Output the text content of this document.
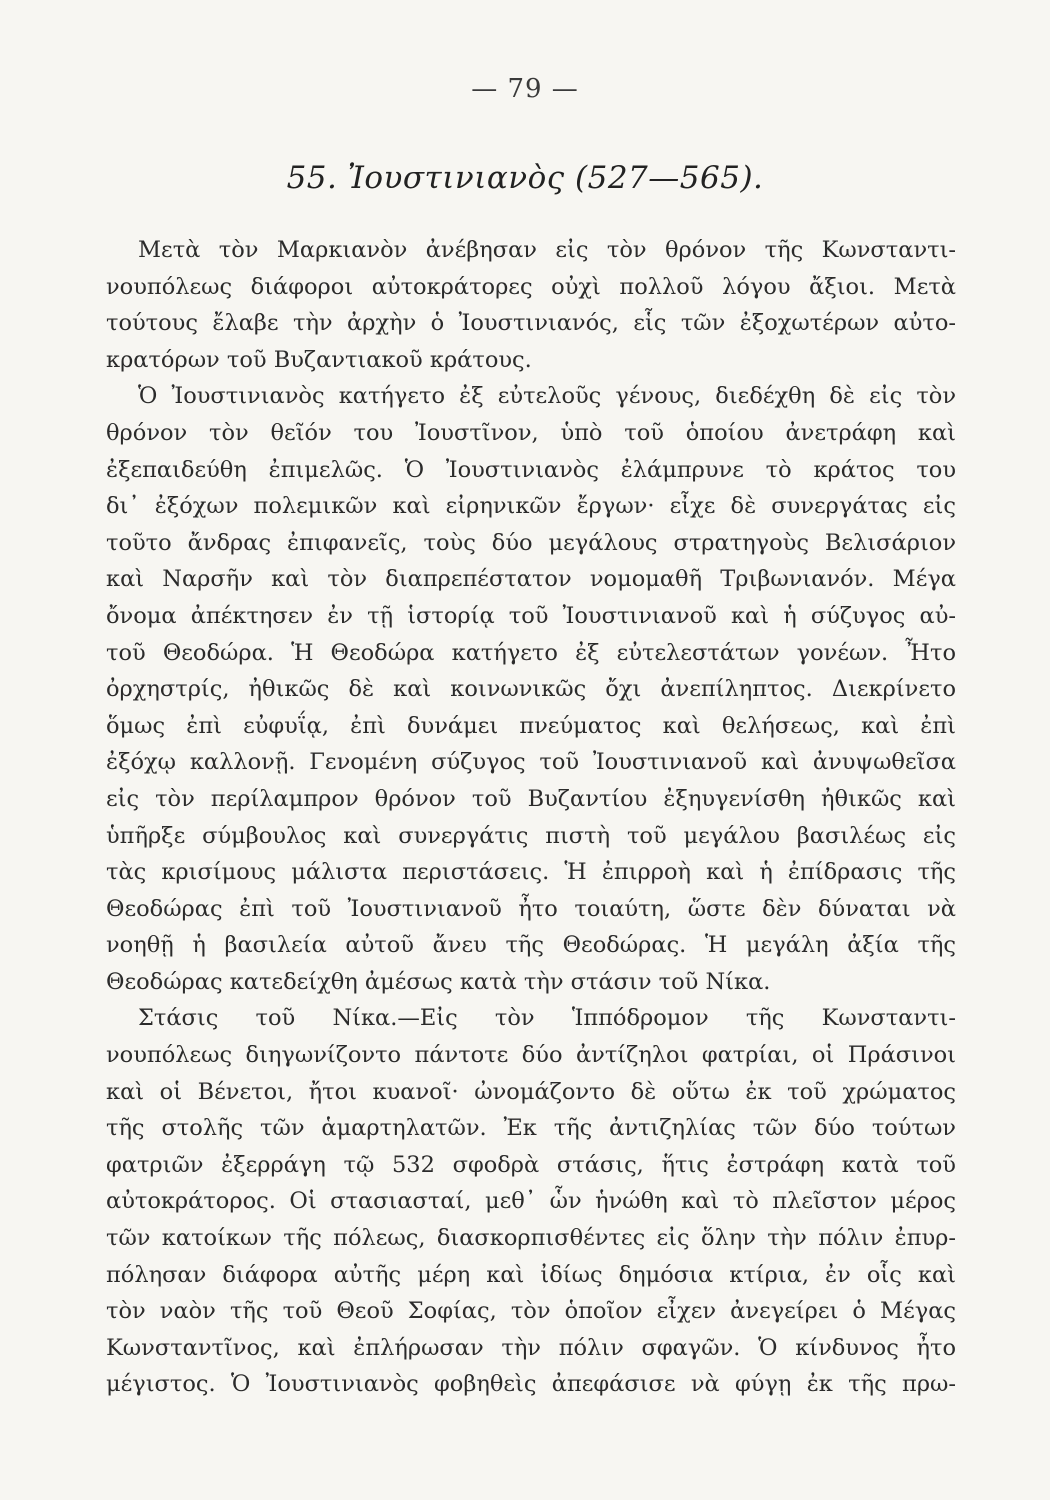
— 79 —
55. Ἰουστινιανὸς (527—565).
Μετὰ τὸν Μαρκιανὸν ἀνέβησαν εἰς τὸν θρόνον τῆς Κωνσταντι-
νουπόλεως διάφοροι αὐτοκράτορες οὐχὶ πολλοῦ λόγου ἄξιοι. Μετὰ
τούτους ἔλαβε τὴν ἀρχὴν ὁ Ἰουστινιανός, εἷς τῶν ἐξοχωτέρων αὐτο-
κρατόρων τοῦ Βυζαντιακοῦ κράτους.
Ὁ Ἰουστινιανὸς κατήγετο ἐξ εὐτελοῦς γένους, διεδέχθη δὲ εἰς τὸν
θρόνον τὸν θεῖόν του Ἰουστῖνον, ὑπὸ τοῦ ὁποίου ἀνετράφη καὶ
ἐξεπαιδεύθη ἐπιμελῶς. Ὁ Ἰουστινιανὸς ἐλάμπρυνε τὸ κράτος του
δι᾿ ἐξόχων πολεμικῶν καὶ εἰρηνικῶν ἔργων· εἶχε δὲ συνεργάτας εἰς
τοῦτο ἄνδρας ἐπιφανεῖς, τοὺς δύο μεγάλους στρατηγοὺς Βελισάριον
καὶ Ναρσῆν καὶ τὸν διαπρεπέστατον νομομαθῆ Τριβωνιανόν. Μέγα
ὄνομα ἀπέκτησεν ἐν τῇ ἱστορίᾳ τοῦ Ἰουστινιανοῦ καὶ ἡ σύζυγος αὐ-
τοῦ Θεοδώρα. Ἡ Θεοδώρα κατήγετο ἐξ εὐτελεστάτων γονέων. Ἦτο
ὀρχηστρίς, ἠθικῶς δὲ καὶ κοινωνικῶς ὄχι ἀνεπίληπτος. Διεκρίνετο
ὅμως ἐπὶ εὐφυΐᾳ, ἐπὶ δυνάμει πνεύματος καὶ θελήσεως, καὶ ἐπὶ
ἐξόχῳ καλλονῇ. Γενομένη σύζυγος τοῦ Ἰουστινιανοῦ καὶ ἀνυψωθεῖσα
εἰς τὸν περίλαμπρον θρόνον τοῦ Βυζαντίου ἐξηυγενίσθη ἠθικῶς καὶ
ὑπῆρξε σύμβουλος καὶ συνεργάτις πιστὴ τοῦ μεγάλου βασιλέως εἰς
τὰς κρισίμους μάλιστα περιστάσεις. Ἡ ἐπιρροὴ καὶ ἡ ἐπίδρασις τῆς
Θεοδώρας ἐπὶ τοῦ Ἰουστινιανοῦ ἦτο τοιαύτη, ὥστε δὲν δύναται νὰ
νοηθῇ ἡ βασιλεία αὐτοῦ ἄνευ τῆς Θεοδώρας. Ἡ μεγάλη ἀξία τῆς
Θεοδώρας κατεδείχθη ἀμέσως κατὰ τὴν στάσιν τοῦ Νίκα.
Στάσις τοῦ Νίκα.—Εἰς τὸν Ἱππόδρομον τῆς Κωνσταντι-
νουπόλεως διηγωνίζοντο πάντοτε δύο ἀντίζηλοι φατρίαι, οἱ Πράσινοι
καὶ οἱ Βένετοι, ἤτοι κυανοῖ· ὠνομάζοντο δὲ οὕτω ἐκ τοῦ χρώματος
τῆς στολῆς τῶν ἁμαρτηλατῶν. Ἐκ τῆς ἀντιζηλίας τῶν δύο τούτων
φατριῶν ἐξερράγη τῷ 532 σφοδρὰ στάσις, ἥτις ἐστράφη κατὰ τοῦ
αὐτοκράτορος. Οἱ στασιασταί, μεθ᾿ ὧν ἡνώθη καὶ τὸ πλεῖστον μέρος
τῶν κατοίκων τῆς πόλεως, διασκορπισθέντες εἰς ὅλην τὴν πόλιν ἐπυρ-
πόλησαν διάφορα αὐτῆς μέρη καὶ ἰδίως δημόσια κτίρια, ἐν οἷς καὶ
τὸν ναὸν τῆς τοῦ Θεοῦ Σοφίας, τὸν ὁποῖον εἶχεν ἀνεγείρει ὁ Μέγας
Κωνσταντῖνος, καὶ ἐπλήρωσαν τὴν πόλιν σφαγῶν. Ὁ κίνδυνος ἦτο
μέγιστος. Ὁ Ἰουστινιανὸς φοβηθεὶς ἀπεφάσισε νὰ φύγῃ ἐκ τῆς πρω-
